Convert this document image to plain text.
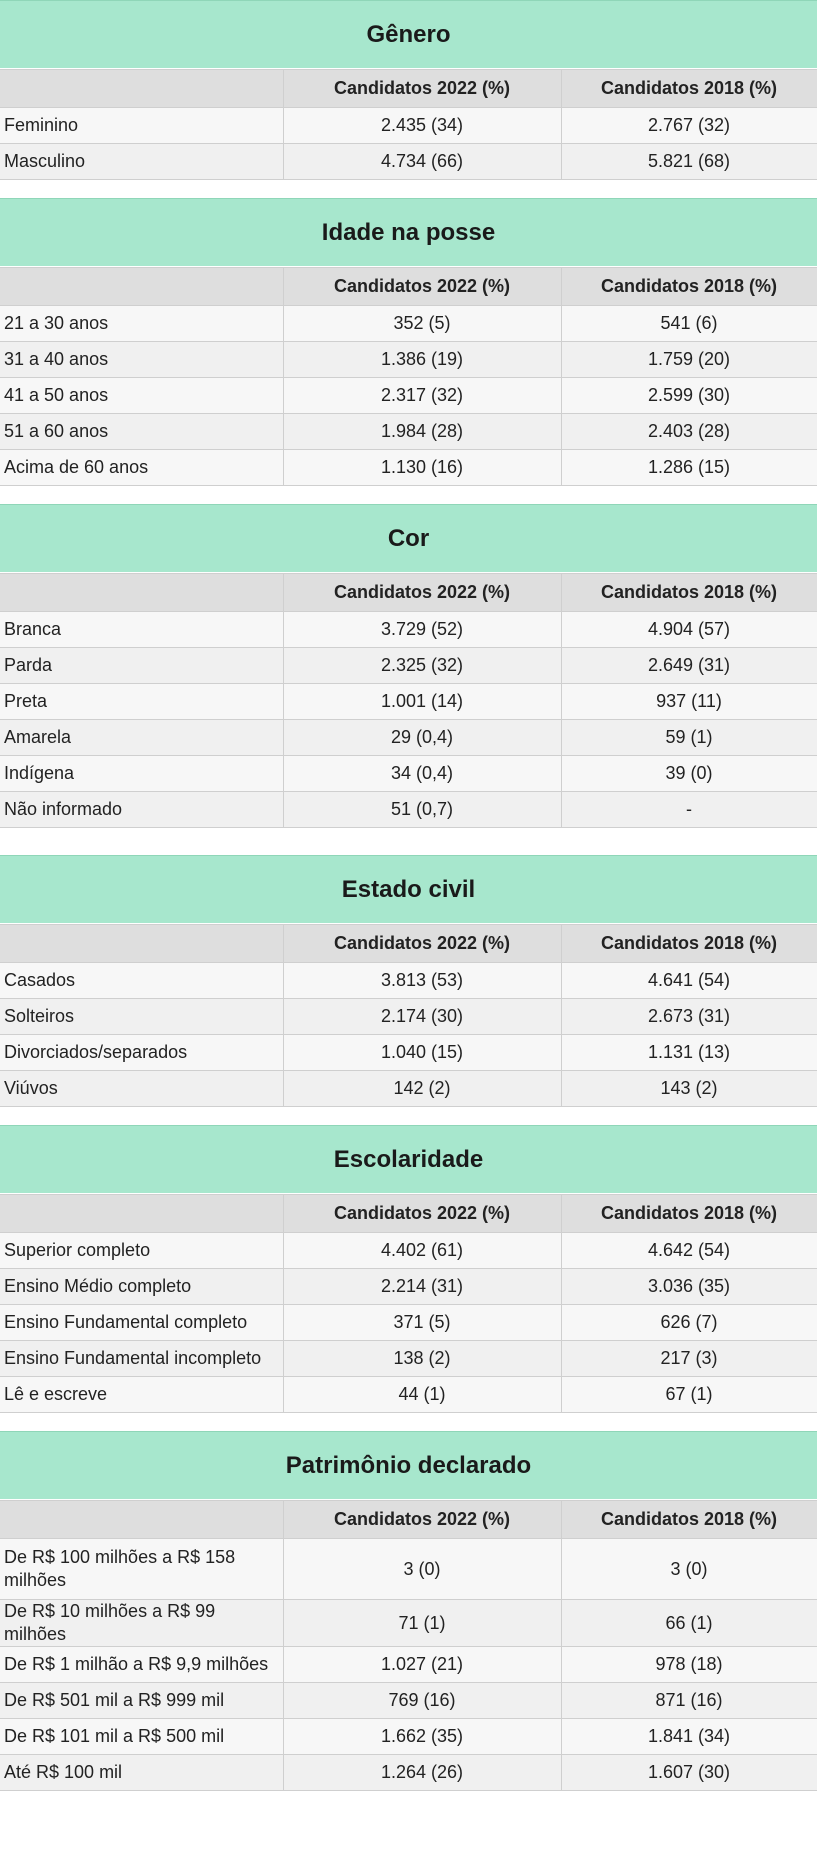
Gênero
	Candidatos 2022 (%)	Candidatos 2018 (%)
Feminino	2.435 (34)	2.767 (32)
Masculino	4.734 (66)	5.821 (68)
Idade na posse
	Candidatos 2022 (%)	Candidatos 2018 (%)
21 a 30 anos	352 (5)	541 (6)
31 a 40 anos	1.386 (19)	1.759 (20)
41 a 50 anos	2.317 (32)	2.599 (30)
51 a 60 anos	1.984 (28)	2.403 (28)
Acima de 60 anos	1.130 (16)	1.286 (15)
Cor
	Candidatos 2022 (%)	Candidatos 2018 (%)
Branca	3.729 (52)	4.904 (57)
Parda	2.325 (32)	2.649 (31)
Preta	1.001 (14)	937 (11)
Amarela	29 (0,4)	59 (1)
Indígena	34 (0,4)	39 (0)
Não informado	51 (0,7)	-
Estado civil
	Candidatos 2022 (%)	Candidatos 2018 (%)
Casados	3.813 (53)	4.641 (54)
Solteiros	2.174 (30)	2.673 (31)
Divorciados/separados	1.040 (15)	1.131 (13)
Viúvos	142 (2)	143 (2)
Escolaridade
	Candidatos 2022 (%)	Candidatos 2018 (%)
Superior completo	4.402 (61)	4.642 (54)
Ensino Médio completo	2.214 (31)	3.036 (35)
Ensino Fundamental completo	371 (5)	626 (7)
Ensino Fundamental incompleto	138 (2)	217 (3)
Lê e escreve	44 (1)	67 (1)
Patrimônio declarado
	Candidatos 2022 (%)	Candidatos 2018 (%)
De R$ 100 milhões a R$ 158 milhões	3 (0)	3 (0)
De R$ 10 milhões a R$ 99 milhões	71 (1)	66 (1)
De R$ 1 milhão a R$ 9,9 milhões	1.027 (21)	978 (18)
De R$ 501 mil a R$ 999 mil	769 (16)	871 (16)
De R$ 101 mil a R$ 500 mil	1.662 (35)	1.841 (34)
Até R$ 100 mil	1.264 (26)	1.607 (30)
